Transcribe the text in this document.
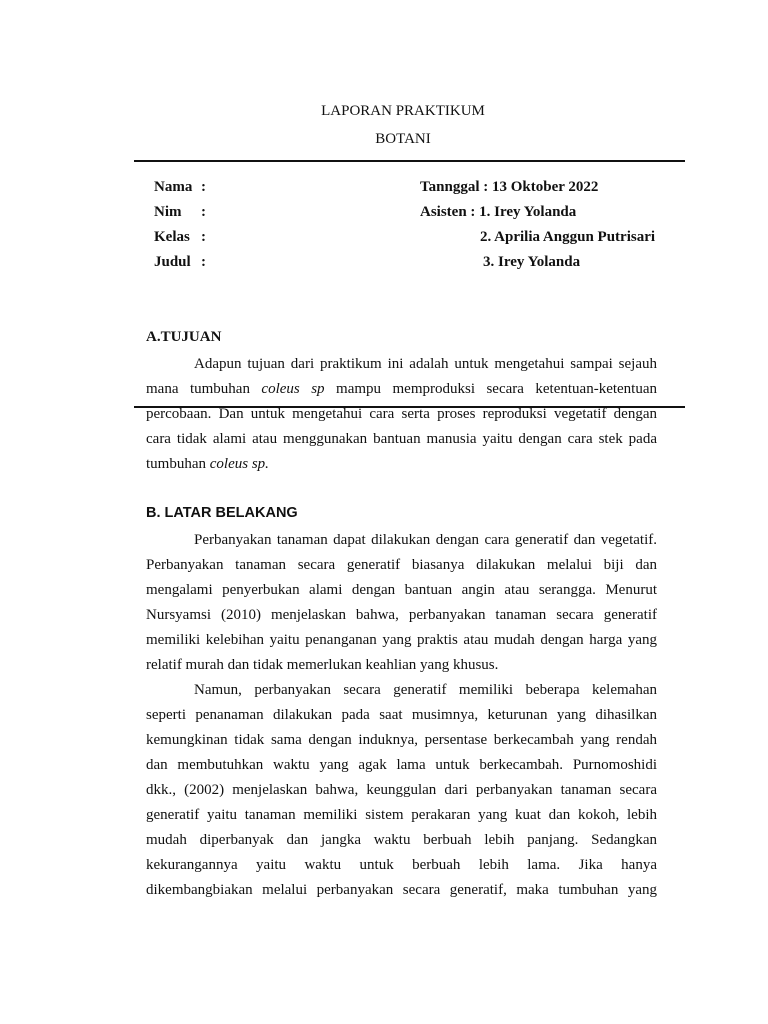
LAPORAN PRAKTIKUM
BOTANI
Nama :
Nim :
Kelas :
Judul :
Tannggal : 13 Oktober 2022
Asisten : 1. Irey Yolanda
2. Aprilia Anggun Putrisari
3. Irey Yolanda
A.TUJUAN
Adapun tujuan dari praktikum ini adalah untuk mengetahui sampai sejauh
mana tumbuhan coleus sp mampu memproduksi secara ketentuan-ketentuan
percobaan. Dan untuk mengetahui cara serta proses reproduksi vegetatif dengan
cara tidak alami atau menggunakan bantuan manusia yaitu dengan cara stek pada
tumbuhan coleus sp.
B. LATAR BELAKANG
Perbanyakan tanaman dapat dilakukan dengan cara generatif dan vegetatif.
Perbanyakan tanaman secara generatif biasanya dilakukan melalui biji dan
mengalami penyerbukan alami dengan bantuan angin atau serangga. Menurut
Nursyamsi (2010) menjelaskan bahwa, perbanyakan tanaman secara generatif
memiliki kelebihan yaitu penanganan yang praktis atau mudah dengan harga yang
relatif murah dan tidak memerlukan keahlian yang khusus.
Namun, perbanyakan secara generatif memiliki beberapa kelemahan
seperti penanaman dilakukan pada saat musimnya, keturunan yang dihasilkan
kemungkinan tidak sama dengan induknya, persentase berkecambah yang rendah
dan membutuhkan waktu yang agak lama untuk berkecambah. Purnomoshidi
dkk., (2002) menjelaskan bahwa, keunggulan dari perbanyakan tanaman secara
generatif yaitu tanaman memiliki sistem perakaran yang kuat dan kokoh, lebih
mudah diperbanyak dan jangka waktu berbuah lebih panjang. Sedangkan
kekurangannya yaitu waktu untuk berbuah lebih lama. Jika hanya
dikembangbiakan melalui perbanyakan secara generatif, maka tumbuhan yang
